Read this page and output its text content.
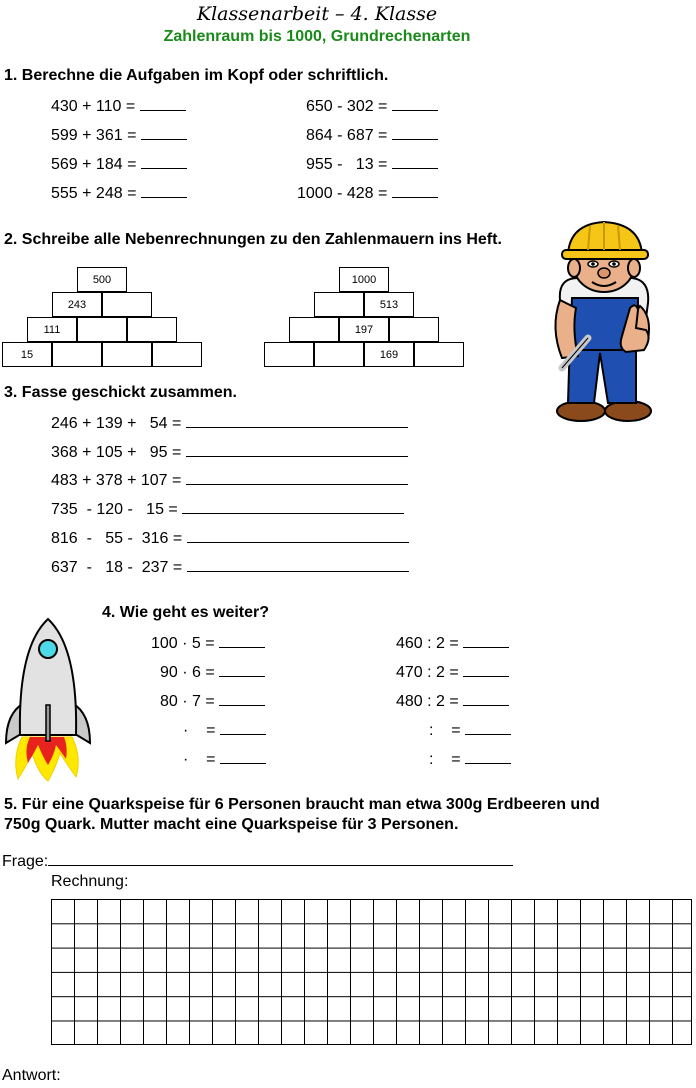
Klassenarbeit – 4. Klasse
Zahlenraum bis 1000, Grundrechenarten
1. Berechne die Aufgaben im Kopf oder schriftlich.
430 + 110 =
599 + 361 =
569 + 184 =
555 + 248 =
650 - 302 =
864 - 687 =
955 -   13 =
1000 - 428 =
2. Schreibe alle Nebenrechnungen zu den Zahlenmauern ins Heft.
500
243
111
15
1000
513
197
169
3. Fasse geschickt zusammen.
246 + 139 +   54 =
368 + 105 +   95 =
483 + 378 + 107 =
735  - 120 -   15 =
816  -   55 -  316 =
637  -   18 -  237 =
4. Wie geht es weiter?
100 · 5 =
90 · 6 =
80 · 7 =
·    =
·    =
460 : 2 =
470 : 2 =
480 : 2 =
:    =
:    =
5. Für eine Quarkspeise für 6 Personen braucht man etwa 300g Erdbeeren und
750g Quark. Mutter macht eine Quarkspeise für 3 Personen.
Frage:
Rechnung:
Antwort:
